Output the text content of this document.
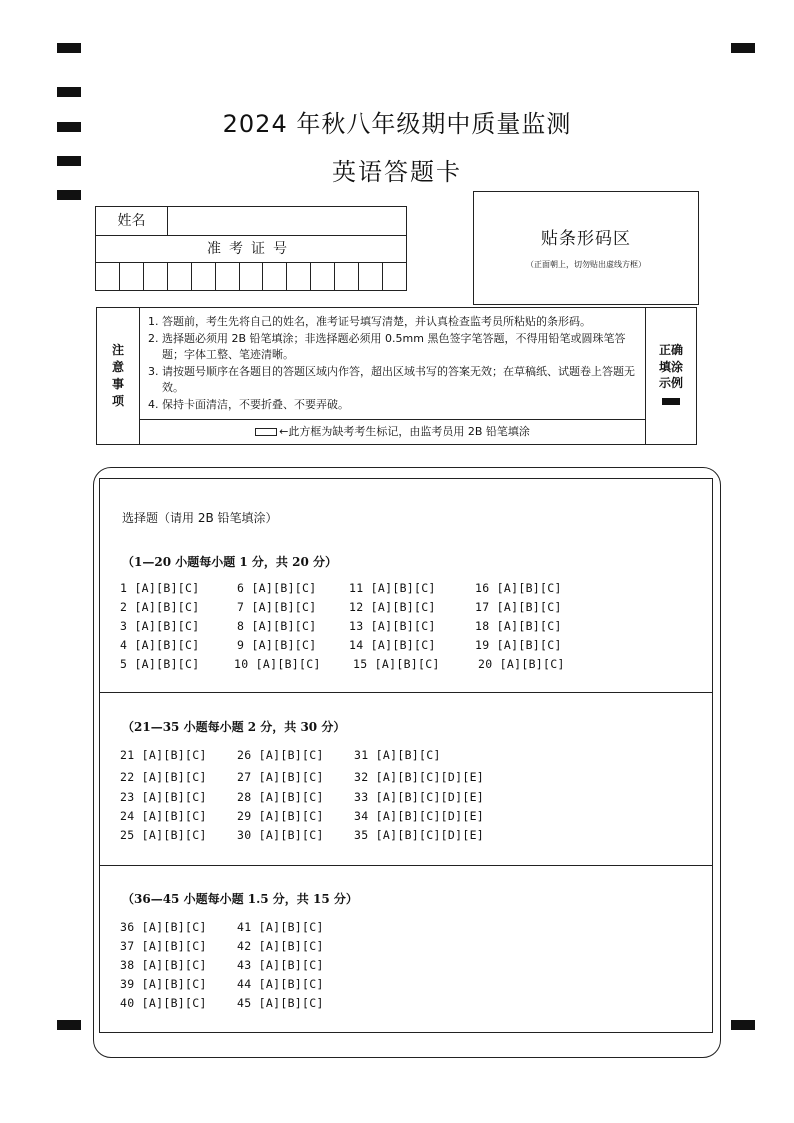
2024 年秋八年级期中质量监测
英语答题卡
姓名
准考证号	贴条形码区
（正面朝上，切勿贴出虚线方框）
注
意
事
项
1. 答题前，考生先将自己的姓名，准考证号填写清楚，并认真检查监考员所粘贴的条形码。
2. 选择题必须用 2B 铅笔填涂；非选择题必须用 0.5mm 黑色签字笔答题，不得用铅笔或圆珠笔答题；字体工整、笔迹清晰。
3. 请按题号顺序在各题目的答题区域内作答，超出区域书写的答案无效；在草稿纸、试题卷上答题无效。
4. 保持卡面清洁，不要折叠、不要弄破。
←此方框为缺考考生标记，由监考员用 2B 铅笔填涂
正确
填涂
示例
选择题（请用 2B 铅笔填涂）
（1—20 小题每小题 1 分，共 20 分）
1 [A][B][C]
2 [A][B][C]
3 [A][B][C]
4 [A][B][C]
5 [A][B][C]
6 [A][B][C]
7 [A][B][C]
8 [A][B][C]
9 [A][B][C]
10 [A][B][C]
11 [A][B][C]
12 [A][B][C]
13 [A][B][C]
14 [A][B][C]
15 [A][B][C]
16 [A][B][C]
17 [A][B][C]
18 [A][B][C]
19 [A][B][C]
20 [A][B][C]
（21—35 小题每小题 2 分，共 30 分）
21 [A][B][C]
22 [A][B][C]
23 [A][B][C]
24 [A][B][C]
25 [A][B][C]
26 [A][B][C]
27 [A][B][C]
28 [A][B][C]
29 [A][B][C]
30 [A][B][C]
31 [A][B][C]
32 [A][B][C][D][E]
33 [A][B][C][D][E]
34 [A][B][C][D][E]
35 [A][B][C][D][E]
（36—45 小题每小题 1.5 分，共 15 分）
36 [A][B][C]
37 [A][B][C]
38 [A][B][C]
39 [A][B][C]
40 [A][B][C]
41 [A][B][C]
42 [A][B][C]
43 [A][B][C]
44 [A][B][C]
45 [A][B][C]
